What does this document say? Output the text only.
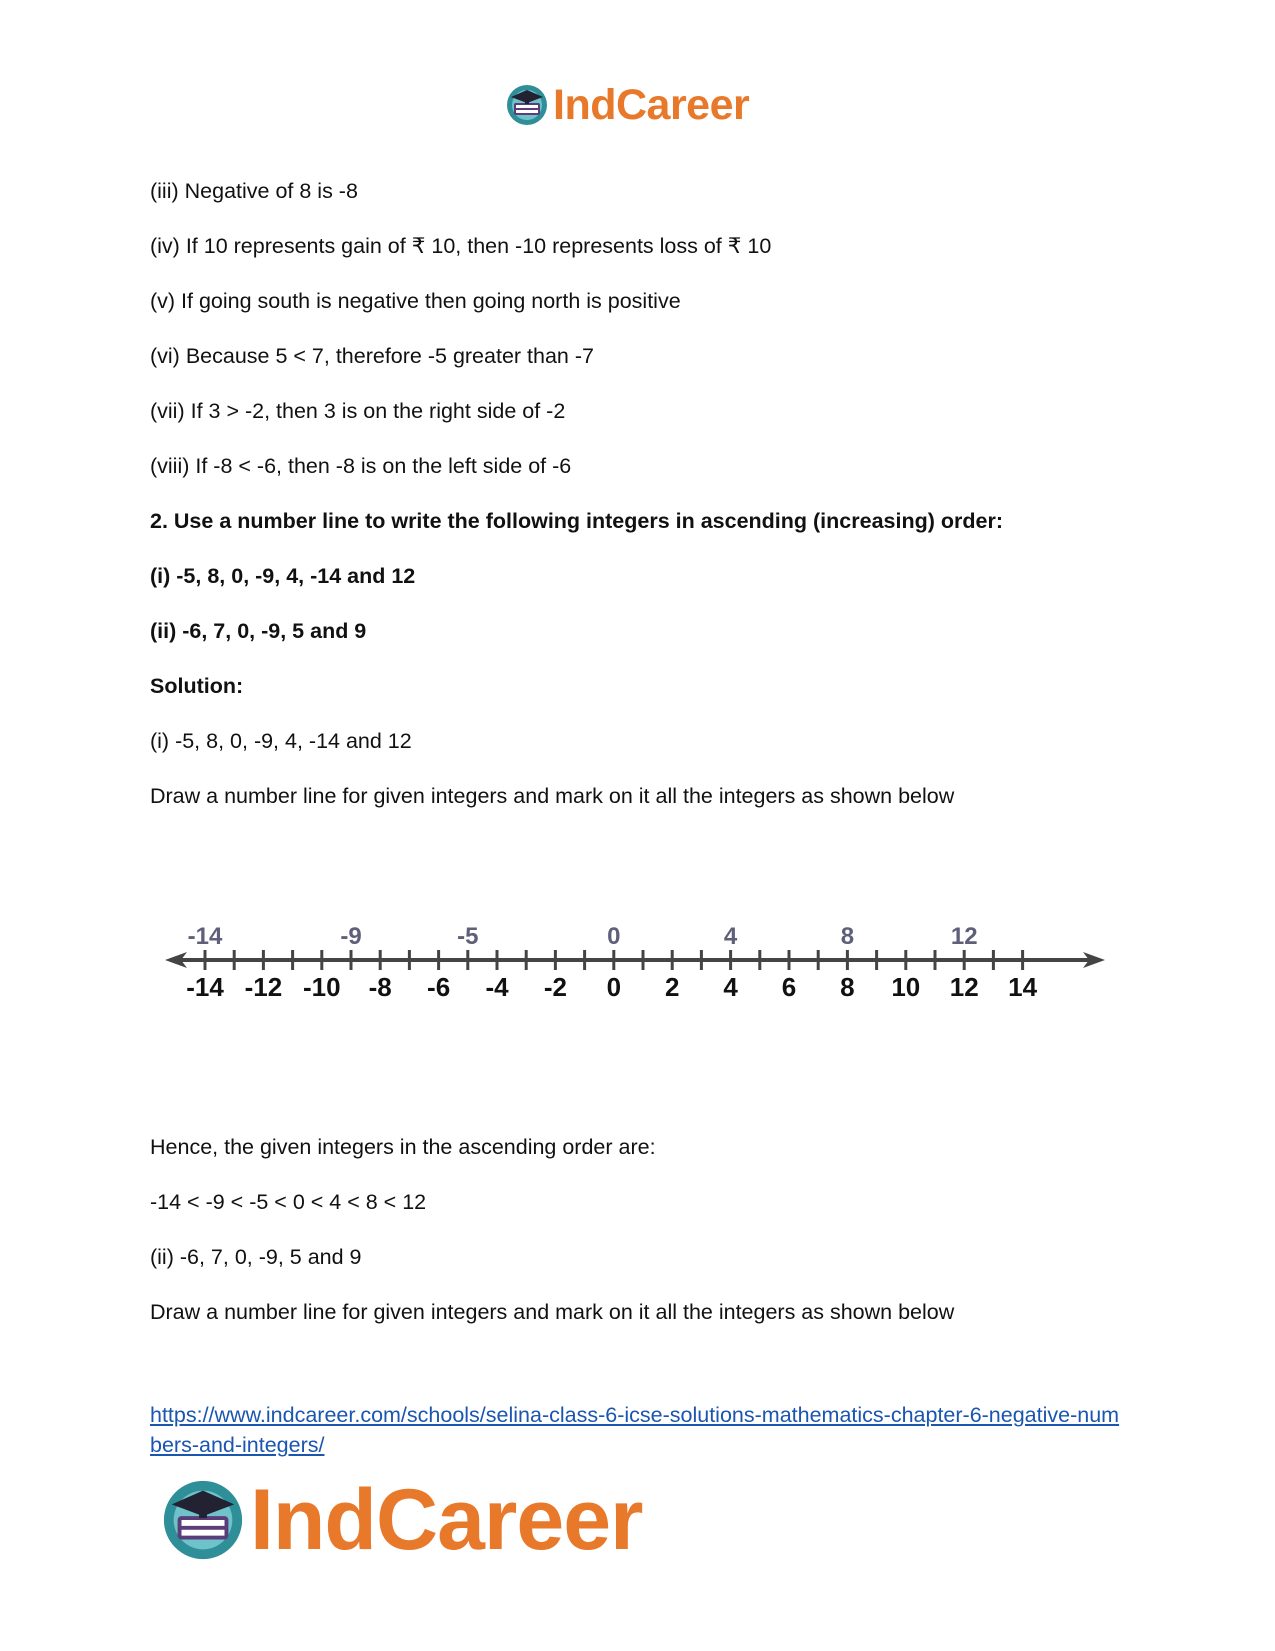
IndCareer
(iii) Negative of 8 is -8
(iv) If 10 represents gain of ₹ 10, then -10 represents loss of ₹ 10
(v) If going south is negative then going north is positive
(vi) Because 5 < 7, therefore -5 greater than -7
(vii) If 3 > -2, then 3 is on the right side of -2
(viii) If -8 < -6, then -8 is on the left side of -6
2. Use a number line to write the following integers in ascending (increasing) order:
(i) -5, 8, 0, -9, 4, -14 and 12
(ii) -6, 7, 0, -9, 5 and 9
Solution:
(i) -5, 8, 0, -9, 4, -14 and 12
Draw a number line for given integers and mark on it all the integers as shown below
-14 -12 -10 -8 -6 -4 -2 0 2 4 6 8 10 12 14
-14	-9	-5	0	4	8	12
Hence, the given integers in the ascending order are:
-14 < -9 < -5 < 0 < 4 < 8 < 12
(ii) -6, 7, 0, -9, 5 and 9
Draw a number line for given integers and mark on it all the integers as shown below
https://www.indcareer.com/schools/selina-class-6-icse-solutions-mathematics-chapter-6-negative-numbers-and-integers/
IndCareer
